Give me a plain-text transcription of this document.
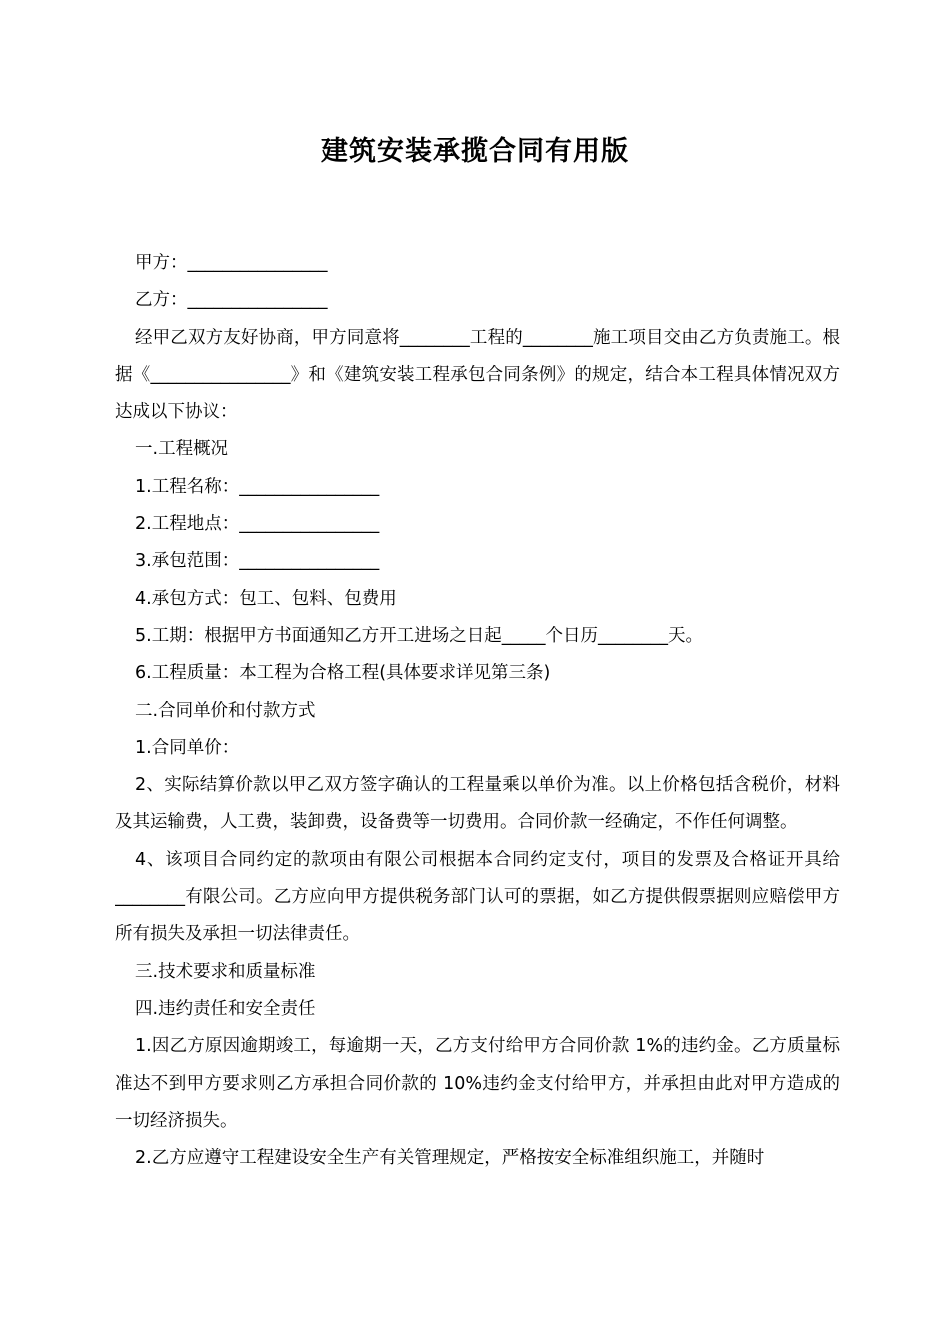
建筑安装承揽合同有用版

甲方：________________

乙方：________________

经甲乙双方友好协商，甲方同意将________工程的________施工项目交由乙方负责施工。根据《________________》和《建筑安装工程承包合同条例》的规定，结合本工程具体情况双方达成以下协议：

一.工程概况

1.工程名称：________________

2.工程地点：________________

3.承包范围：________________

4.承包方式：包工、包料、包费用

5.工期：根据甲方书面通知乙方开工进场之日起_____个日历________天。

6.工程质量：本工程为合格工程(具体要求详见第三条)

二.合同单价和付款方式

1.合同单价：

2、实际结算价款以甲乙双方签字确认的工程量乘以单价为准。以上价格包括含税价，材料及其运输费，人工费，装卸费，设备费等一切费用。合同价款一经确定，不作任何调整。

4、该项目合同约定的款项由有限公司根据本合同约定支付，项目的发票及合格证开具给________有限公司。乙方应向甲方提供税务部门认可的票据，如乙方提供假票据则应赔偿甲方所有损失及承担一切法律责任。

三.技术要求和质量标准

四.违约责任和安全责任

1.因乙方原因逾期竣工，每逾期一天，乙方支付给甲方合同价款 1%的违约金。乙方质量标准达不到甲方要求则乙方承担合同价款的 10%违约金支付给甲方，并承担由此对甲方造成的一切经济损失。

2.乙方应遵守工程建设安全生产有关管理规定，严格按安全标准组织施工，并随时
